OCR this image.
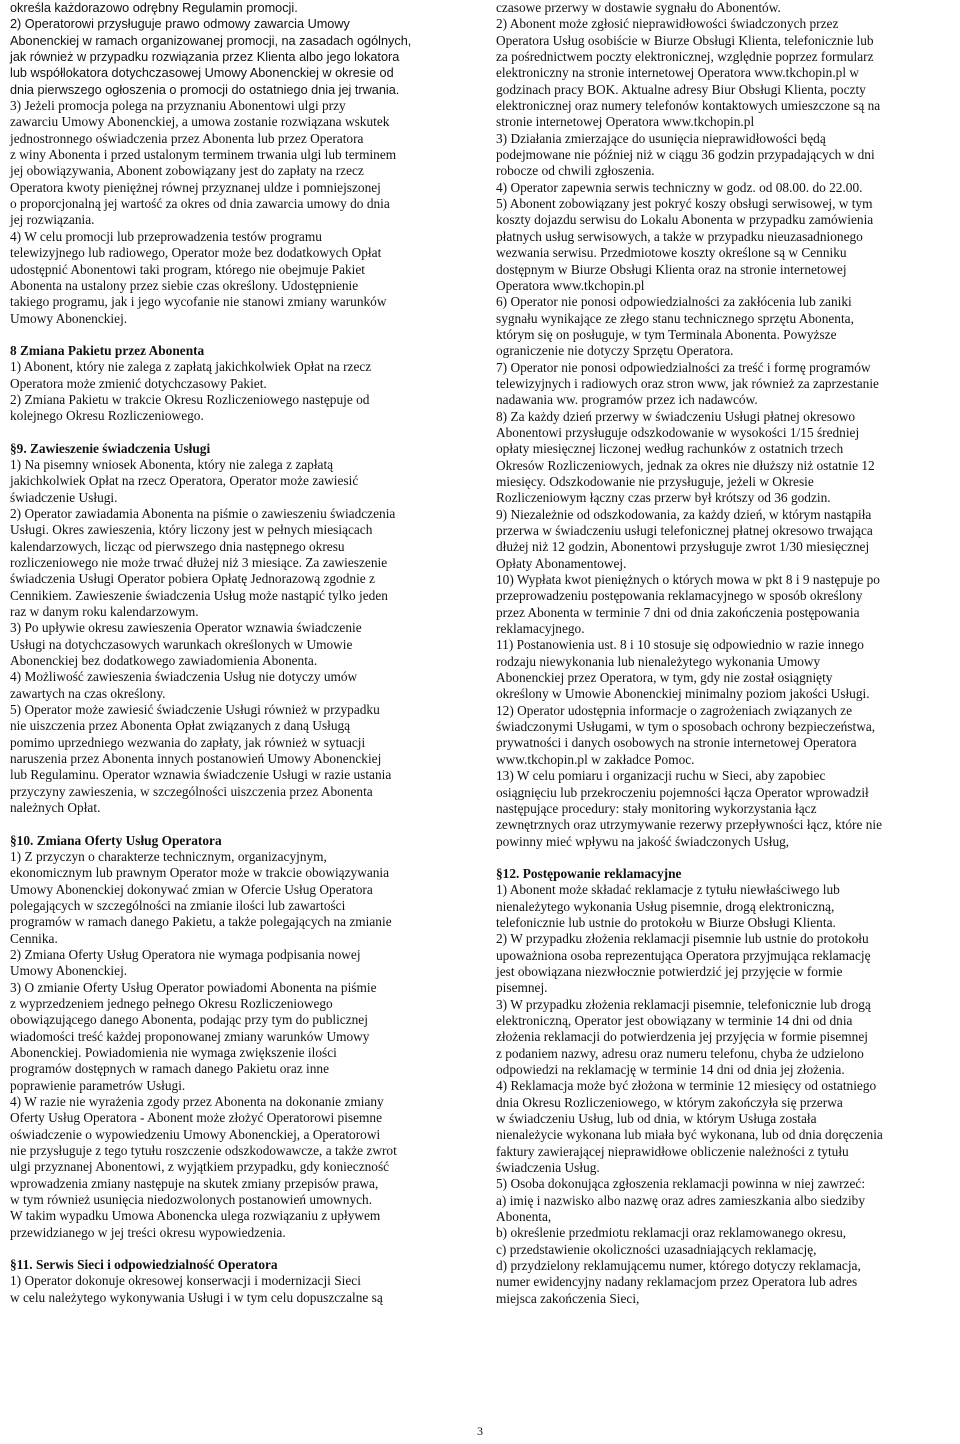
określa każdorazowo odrębny Regulamin promocji.

2) Operatorowi przysługuje prawo odmowy zawarcia Umowy
Abonenckiej w ramach organizowanej promocji, na zasadach ogólnych,
jak również w przypadku rozwiązania przez Klienta albo jego lokatora
lub współlokatora dotychczasowej Umowy Abonenckiej w okresie od
dnia pierwszego ogłoszenia o promocji do ostatniego dnia jej trwania.

3) Jeżeli promocja polega na przyznaniu Abonentowi ulgi przy
zawarciu Umowy Abonenckiej, a umowa zostanie rozwiązana wskutek
jednostronnego oświadczenia przez Abonenta lub przez Operatora
z winy Abonenta i przed ustalonym terminem trwania ulgi lub terminem
jej obowiązywania, Abonent zobowiązany jest do zapłaty na rzecz
Operatora kwoty pieniężnej równej przyznanej uldze i pomniejszonej
o proporcjonalną jej wartość za okres od dnia zawarcia umowy do dnia
jej rozwiązania.

4) W celu promocji lub przeprowadzenia testów programu
telewizyjnego lub radiowego, Operator może bez dodatkowych Opłat
udostępnić Abonentowi taki program, którego nie obejmuje Pakiet
Abonenta na ustalony przez siebie czas określony. Udostępnienie
takiego programu, jak i jego wycofanie nie stanowi zmiany warunków
Umowy Abonenckiej.

8 Zmiana Pakietu przez Abonenta

1) Abonent, który nie zalega z zapłatą jakichkolwiek Opłat na rzecz
Operatora może zmienić dotychczasowy Pakiet.

2) Zmiana Pakietu w trakcie Okresu Rozliczeniowego następuje od
kolejnego Okresu Rozliczeniowego.

§9. Zawieszenie świadczenia Usługi

1) Na pisemny wniosek Abonenta, który nie zalega z zapłatą
jakichkolwiek Opłat na rzecz Operatora, Operator może zawiesić
świadczenie Usługi.

2) Operator zawiadamia Abonenta na piśmie o zawieszeniu świadczenia
Usługi. Okres zawieszenia, który liczony jest w pełnych miesiącach
kalendarzowych, licząc od pierwszego dnia następnego okresu
rozliczeniowego nie może trwać dłużej niż 3 miesiące. Za zawieszenie
świadczenia Usługi Operator pobiera Opłatę Jednorazową zgodnie z
Cennikiem. Zawieszenie świadczenia Usług może nastąpić tylko jeden
raz w danym roku kalendarzowym.

3) Po upływie okresu zawieszenia Operator wznawia świadczenie
Usługi na dotychczasowych warunkach określonych w Umowie
Abonenckiej bez dodatkowego zawiadomienia Abonenta.

4) Możliwość zawieszenia świadczenia Usług nie dotyczy umów
zawartych na czas określony.

5) Operator może zawiesić świadczenie Usługi również w przypadku
nie uiszczenia przez Abonenta Opłat związanych z daną Usługą
pomimo uprzedniego wezwania do zapłaty, jak również w sytuacji
naruszenia przez Abonenta innych postanowień Umowy Abonenckiej
lub Regulaminu. Operator wznawia świadczenie Usługi w razie ustania
przyczyny zawieszenia, w szczególności uiszczenia przez Abonenta
należnych Opłat.

§10. Zmiana Oferty Usług Operatora

1) Z przyczyn o charakterze technicznym, organizacyjnym,
ekonomicznym lub prawnym Operator może w trakcie obowiązywania
Umowy Abonenckiej dokonywać zmian w Ofercie Usług Operatora
polegających w szczególności na zmianie ilości lub zawartości
programów w ramach danego Pakietu, a także polegających na zmianie
Cennika.

2) Zmiana Oferty Usług Operatora nie wymaga podpisania nowej
Umowy Abonenckiej.

3) O zmianie Oferty Usług Operator powiadomi Abonenta na piśmie
z wyprzedzeniem jednego pełnego Okresu Rozliczeniowego
obowiązującego danego Abonenta, podając przy tym do publicznej
wiadomości treść każdej proponowanej zmiany warunków Umowy
Abonenckiej. Powiadomienia nie wymaga zwiększenie ilości
programów dostępnych w ramach danego Pakietu oraz inne
poprawienie parametrów Usługi.

4) W razie nie wyrażenia zgody przez Abonenta na dokonanie zmiany
Oferty Usług Operatora - Abonent może złożyć Operatorowi pisemne
oświadczenie o wypowiedzeniu Umowy Abonenckiej, a Operatorowi
nie przysługuje z tego tytułu roszczenie odszkodowawcze, a także zwrot
ulgi przyznanej Abonentowi, z wyjątkiem przypadku, gdy konieczność
wprowadzenia zmiany następuje na skutek zmiany przepisów prawa,
w tym również usunięcia niedozwolonych postanowień umownych.
W takim wypadku Umowa Abonencka ulega rozwiązaniu z upływem
przewidzianego w jej treści okresu wypowiedzenia.

§11. Serwis Sieci i odpowiedzialność Operatora

1) Operator dokonuje okresowej konserwacji i modernizacji Sieci
w celu należytego wykonywania Usługi i w tym celu dopuszczalne są

czasowe przerwy w dostawie sygnału do Abonentów.

2) Abonent może zgłosić nieprawidłowości świadczonych przez
Operatora Usług osobiście w Biurze Obsługi Klienta, telefonicznie lub
za pośrednictwem poczty elektronicznej, względnie poprzez formularz
elektroniczny na stronie internetowej Operatora www.tkchopin.pl w
godzinach pracy BOK. Aktualne adresy Biur Obsługi Klienta, poczty
elektronicznej oraz numery telefonów kontaktowych umieszczone są na
stronie internetowej Operatora www.tkchopin.pl

3) Działania zmierzające do usunięcia nieprawidłowości będą
podejmowane nie później niż w ciągu 36 godzin przypadających w dni
robocze od chwili zgłoszenia.

4) Operator zapewnia serwis techniczny w godz. od 08.00. do 22.00.

5) Abonent zobowiązany jest pokryć koszy obsługi serwisowej, w tym
koszty dojazdu serwisu do Lokalu Abonenta w przypadku zamówienia
płatnych usług serwisowych, a także w przypadku nieuzasadnionego
wezwania serwisu. Przedmiotowe koszty określone są w Cenniku
dostępnym w Biurze Obsługi Klienta oraz na stronie internetowej
Operatora www.tkchopin.pl

6) Operator nie ponosi odpowiedzialności za zakłócenia lub zaniki
sygnału wynikające ze złego stanu technicznego sprzętu Abonenta,
którym się on posługuje, w tym Terminala Abonenta. Powyższe
ograniczenie nie dotyczy Sprzętu Operatora.

7) Operator nie ponosi odpowiedzialności za treść i formę programów
telewizyjnych i radiowych oraz stron www, jak również za zaprzestanie
nadawania ww. programów przez ich nadawców.

8) Za każdy dzień przerwy w świadczeniu Usługi płatnej okresowo
Abonentowi przysługuje odszkodowanie w wysokości 1/15 średniej
opłaty miesięcznej liczonej według rachunków z ostatnich trzech
Okresów Rozliczeniowych, jednak za okres nie dłuższy niż ostatnie 12
miesięcy. Odszkodowanie nie przysługuje, jeżeli w Okresie
Rozliczeniowym łączny czas przerw był krótszy od 36 godzin.

9) Niezależnie od odszkodowania, za każdy dzień, w którym nastąpiła
przerwa w świadczeniu usługi telefonicznej płatnej okresowo trwająca
dłużej niż 12 godzin, Abonentowi przysługuje zwrot 1/30 miesięcznej
Opłaty Abonamentowej.

10) Wypłata kwot pieniężnych o których mowa w pkt 8 i 9 następuje po
przeprowadzeniu postępowania reklamacyjnego w sposób określony
przez Abonenta w terminie 7 dni od dnia zakończenia postępowania
reklamacyjnego.

11) Postanowienia ust. 8 i 10 stosuje się odpowiednio w razie innego
rodzaju niewykonania lub nienależytego wykonania Umowy
Abonenckiej przez Operatora, w tym, gdy nie został osiągnięty
określony w Umowie Abonenckiej minimalny poziom jakości Usługi.

12) Operator udostępnia informacje o zagrożeniach związanych ze
świadczonymi Usługami, w tym o sposobach ochrony bezpieczeństwa,
prywatności i danych osobowych na stronie internetowej Operatora
www.tkchopin.pl w zakładce Pomoc.

13) W celu pomiaru i organizacji ruchu w Sieci, aby zapobiec
osiągnięciu lub przekroczeniu pojemności łącza Operator wprowadził
następujące procedury: stały monitoring wykorzystania łącz
zewnętrznych oraz utrzymywanie rezerwy przepływności łącz, które nie
powinny mieć wpływu na jakość świadczonych Usług,

§12. Postępowanie reklamacyjne

1) Abonent może składać reklamacje z tytułu niewłaściwego lub
nienależytego wykonania Usług pisemnie, drogą elektroniczną,
telefonicznie lub ustnie do protokołu w Biurze Obsługi Klienta.

2) W przypadku złożenia reklamacji pisemnie lub ustnie do protokołu
upoważniona osoba reprezentująca Operatora przyjmująca reklamację
jest obowiązana niezwłocznie potwierdzić jej przyjęcie w formie
pisemnej.

3) W przypadku złożenia reklamacji pisemnie, telefonicznie lub drogą
elektroniczną, Operator jest obowiązany w terminie 14 dni od dnia
złożenia reklamacji do potwierdzenia jej przyjęcia w formie pisemnej
z podaniem nazwy, adresu oraz numeru telefonu, chyba że udzielono
odpowiedzi na reklamację w terminie 14 dni od dnia jej złożenia.

4) Reklamacja może być złożona w terminie 12 miesięcy od ostatniego
dnia Okresu Rozliczeniowego, w którym zakończyła się przerwa
w świadczeniu Usług, lub od dnia, w którym Usługa została
nienależycie wykonana lub miała być wykonana, lub od dnia doręczenia
faktury zawierającej nieprawidłowe obliczenie należności z tytułu
świadczenia Usług.

5) Osoba dokonująca zgłoszenia reklamacji powinna w niej zawrzeć:
a) imię i nazwisko albo nazwę oraz adres zamieszkania albo siedziby
Abonenta,
b) określenie przedmiotu reklamacji oraz reklamowanego okresu,
c) przedstawienie okoliczności uzasadniających reklamację,
d) przydzielony reklamującemu numer, którego dotyczy reklamacja,
numer ewidencyjny nadany reklamacjom przez Operatora lub adres
miejsca zakończenia Sieci,

3
